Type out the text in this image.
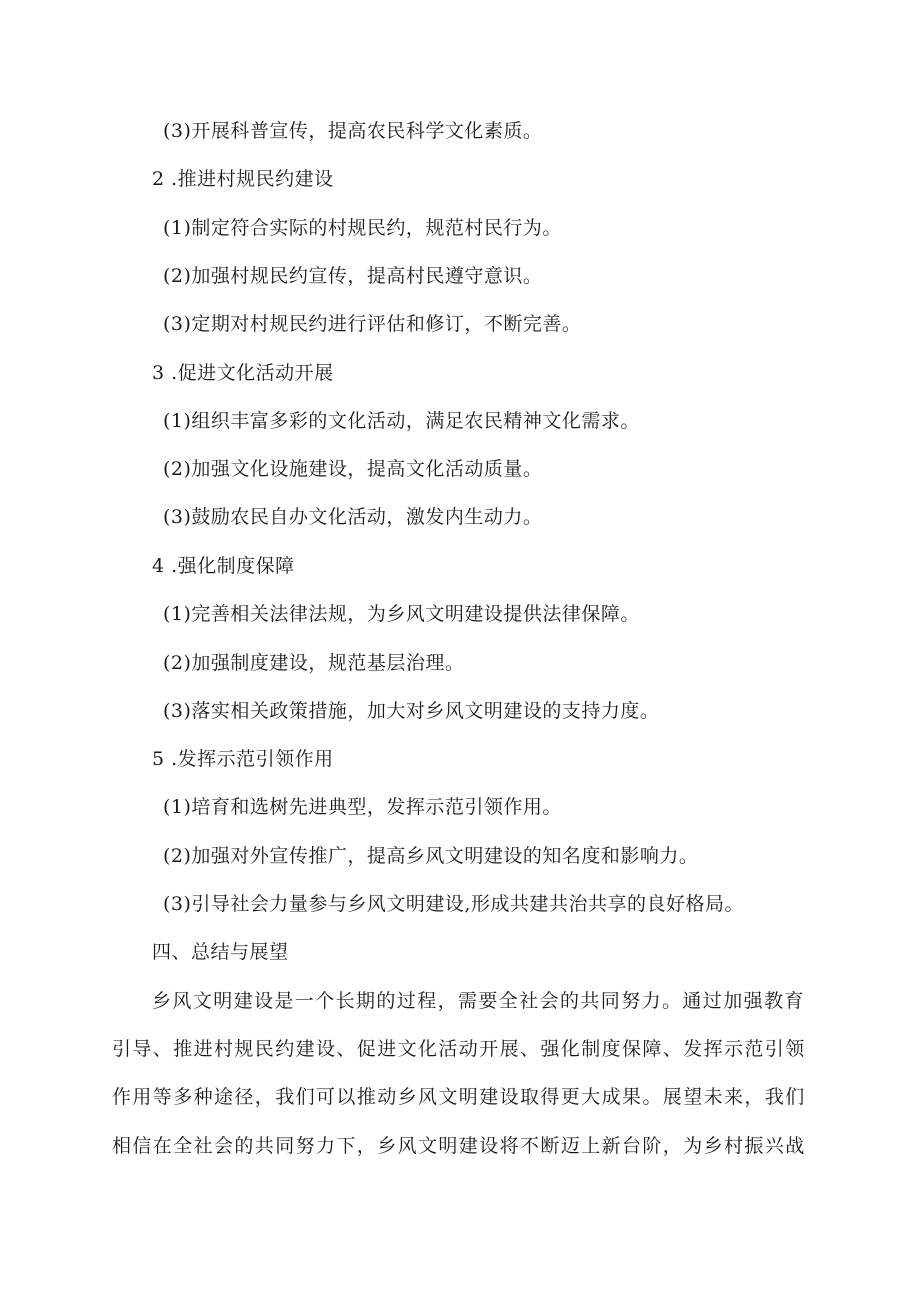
(3)开展科普宣传，提高农民科学文化素质。
2 .推进村规民约建设
(1)制定符合实际的村规民约，规范村民行为。
(2)加强村规民约宣传，提高村民遵守意识。
(3)定期对村规民约进行评估和修订，不断完善。
3 .促进文化活动开展
(1)组织丰富多彩的文化活动，满足农民精神文化需求。
(2)加强文化设施建设，提高文化活动质量。
(3)鼓励农民自办文化活动，激发内生动力。
4 .强化制度保障
(1)完善相关法律法规，为乡风文明建设提供法律保障。
(2)加强制度建设，规范基层治理。
(3)落实相关政策措施，加大对乡风文明建设的支持力度。
5 .发挥示范引领作用
(1)培育和选树先进典型，发挥示范引领作用。
(2)加强对外宣传推广，提高乡风文明建设的知名度和影响力。
(3)引导社会力量参与乡风文明建设,形成共建共治共享的良好格局。
四、总结与展望
乡风文明建设是一个长期的过程，需要全社会的共同努力。通过加强教育
引导、推进村规民约建设、促进文化活动开展、强化制度保障、发挥示范引领
作用等多种途径，我们可以推动乡风文明建设取得更大成果。展望未来，我们
相信在全社会的共同努力下，乡风文明建设将不断迈上新台阶，为乡村振兴战
